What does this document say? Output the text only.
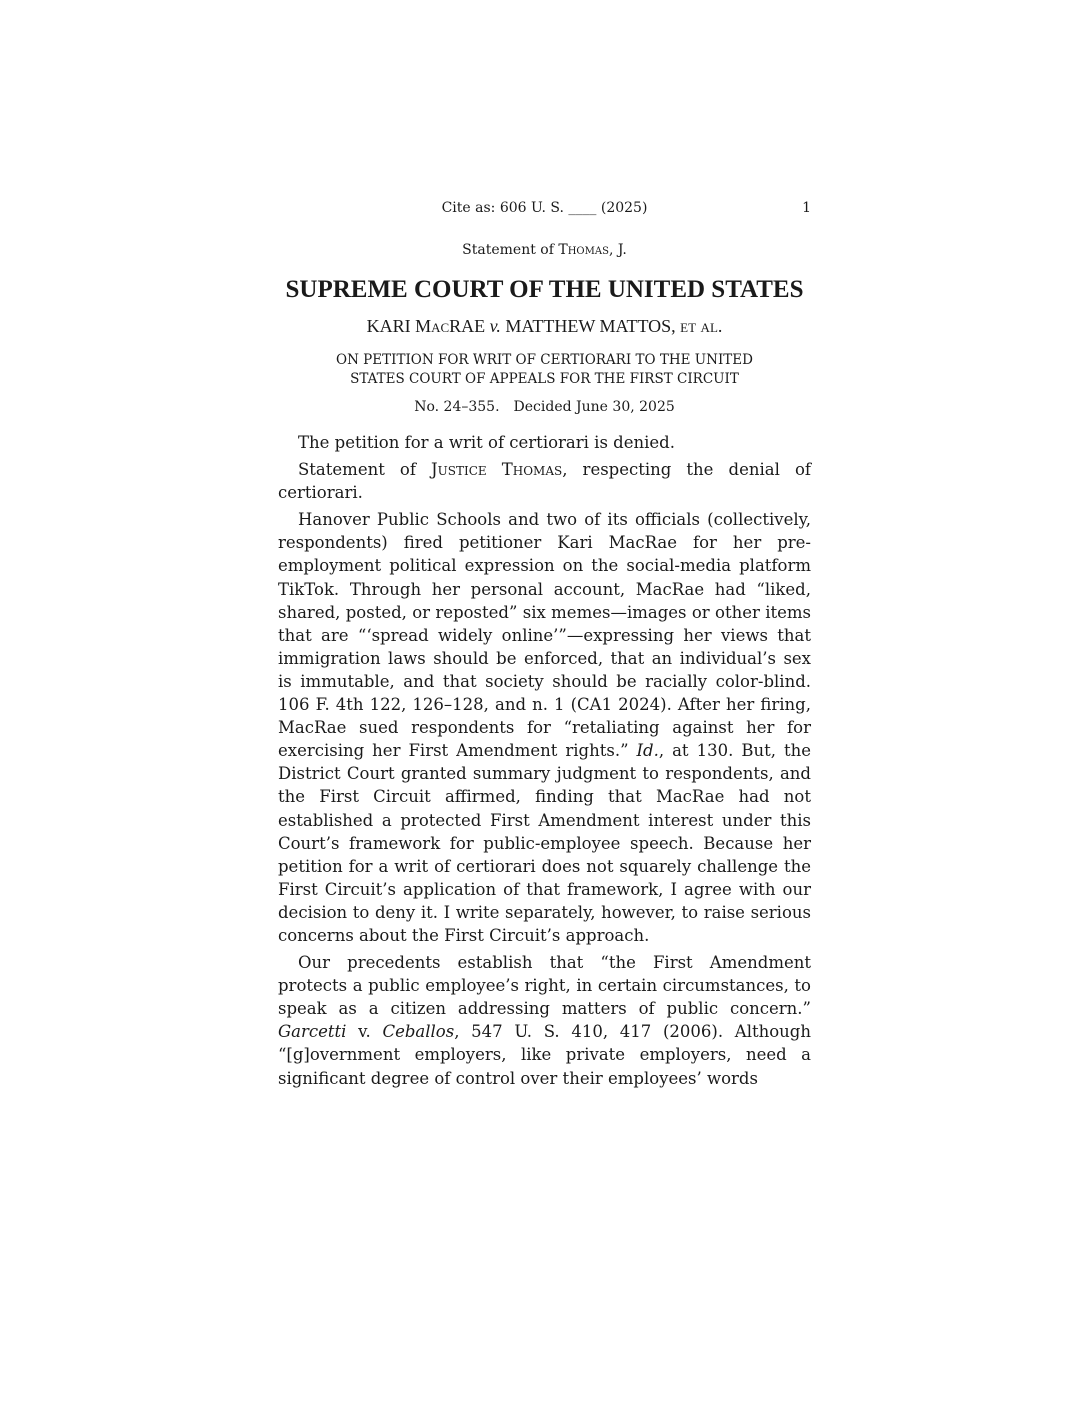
Cite as: 606 U. S. ____ (2025)	1
Statement of Thomas, J.
SUPREME COURT OF THE UNITED STATES
KARI MacRAE v. MATTHEW MATTOS, et al.
ON PETITION FOR WRIT OF CERTIORARI TO THE UNITED
STATES COURT OF APPEALS FOR THE FIRST CIRCUIT
No. 24–355. Decided June 30, 2025

The petition for a writ of certiorari is denied.

Statement of Justice Thomas, respecting the denial of certiorari.

Hanover Public Schools and two of its officials (collectively, respondents) fired petitioner Kari MacRae for her pre-employment political expression on the social-media platform TikTok. Through her personal account, MacRae had “liked, shared, posted, or reposted” six memes—images or other items that are “‘spread widely online’”—expressing her views that immigration laws should be enforced, that an individual’s sex is immutable, and that society should be racially color-blind. 106 F. 4th 122, 126–128, and n. 1 (CA1 2024). After her firing, MacRae sued respondents for “retaliating against her for exercising her First Amendment rights.” Id., at 130. But, the District Court granted summary judgment to respondents, and the First Circuit affirmed, finding that MacRae had not established a protected First Amendment interest under this Court’s framework for public-employee speech. Because her petition for a writ of certiorari does not squarely challenge the First Circuit’s application of that framework, I agree with our decision to deny it. I write separately, however, to raise serious concerns about the First Circuit’s approach.

Our precedents establish that “the First Amendment protects a public employee’s right, in certain circumstances, to speak as a citizen addressing matters of public concern.” Garcetti v. Ceballos, 547 U. S. 410, 417 (2006). Although “[g]overnment employers, like private employers, need a significant degree of control over their employees’ words
